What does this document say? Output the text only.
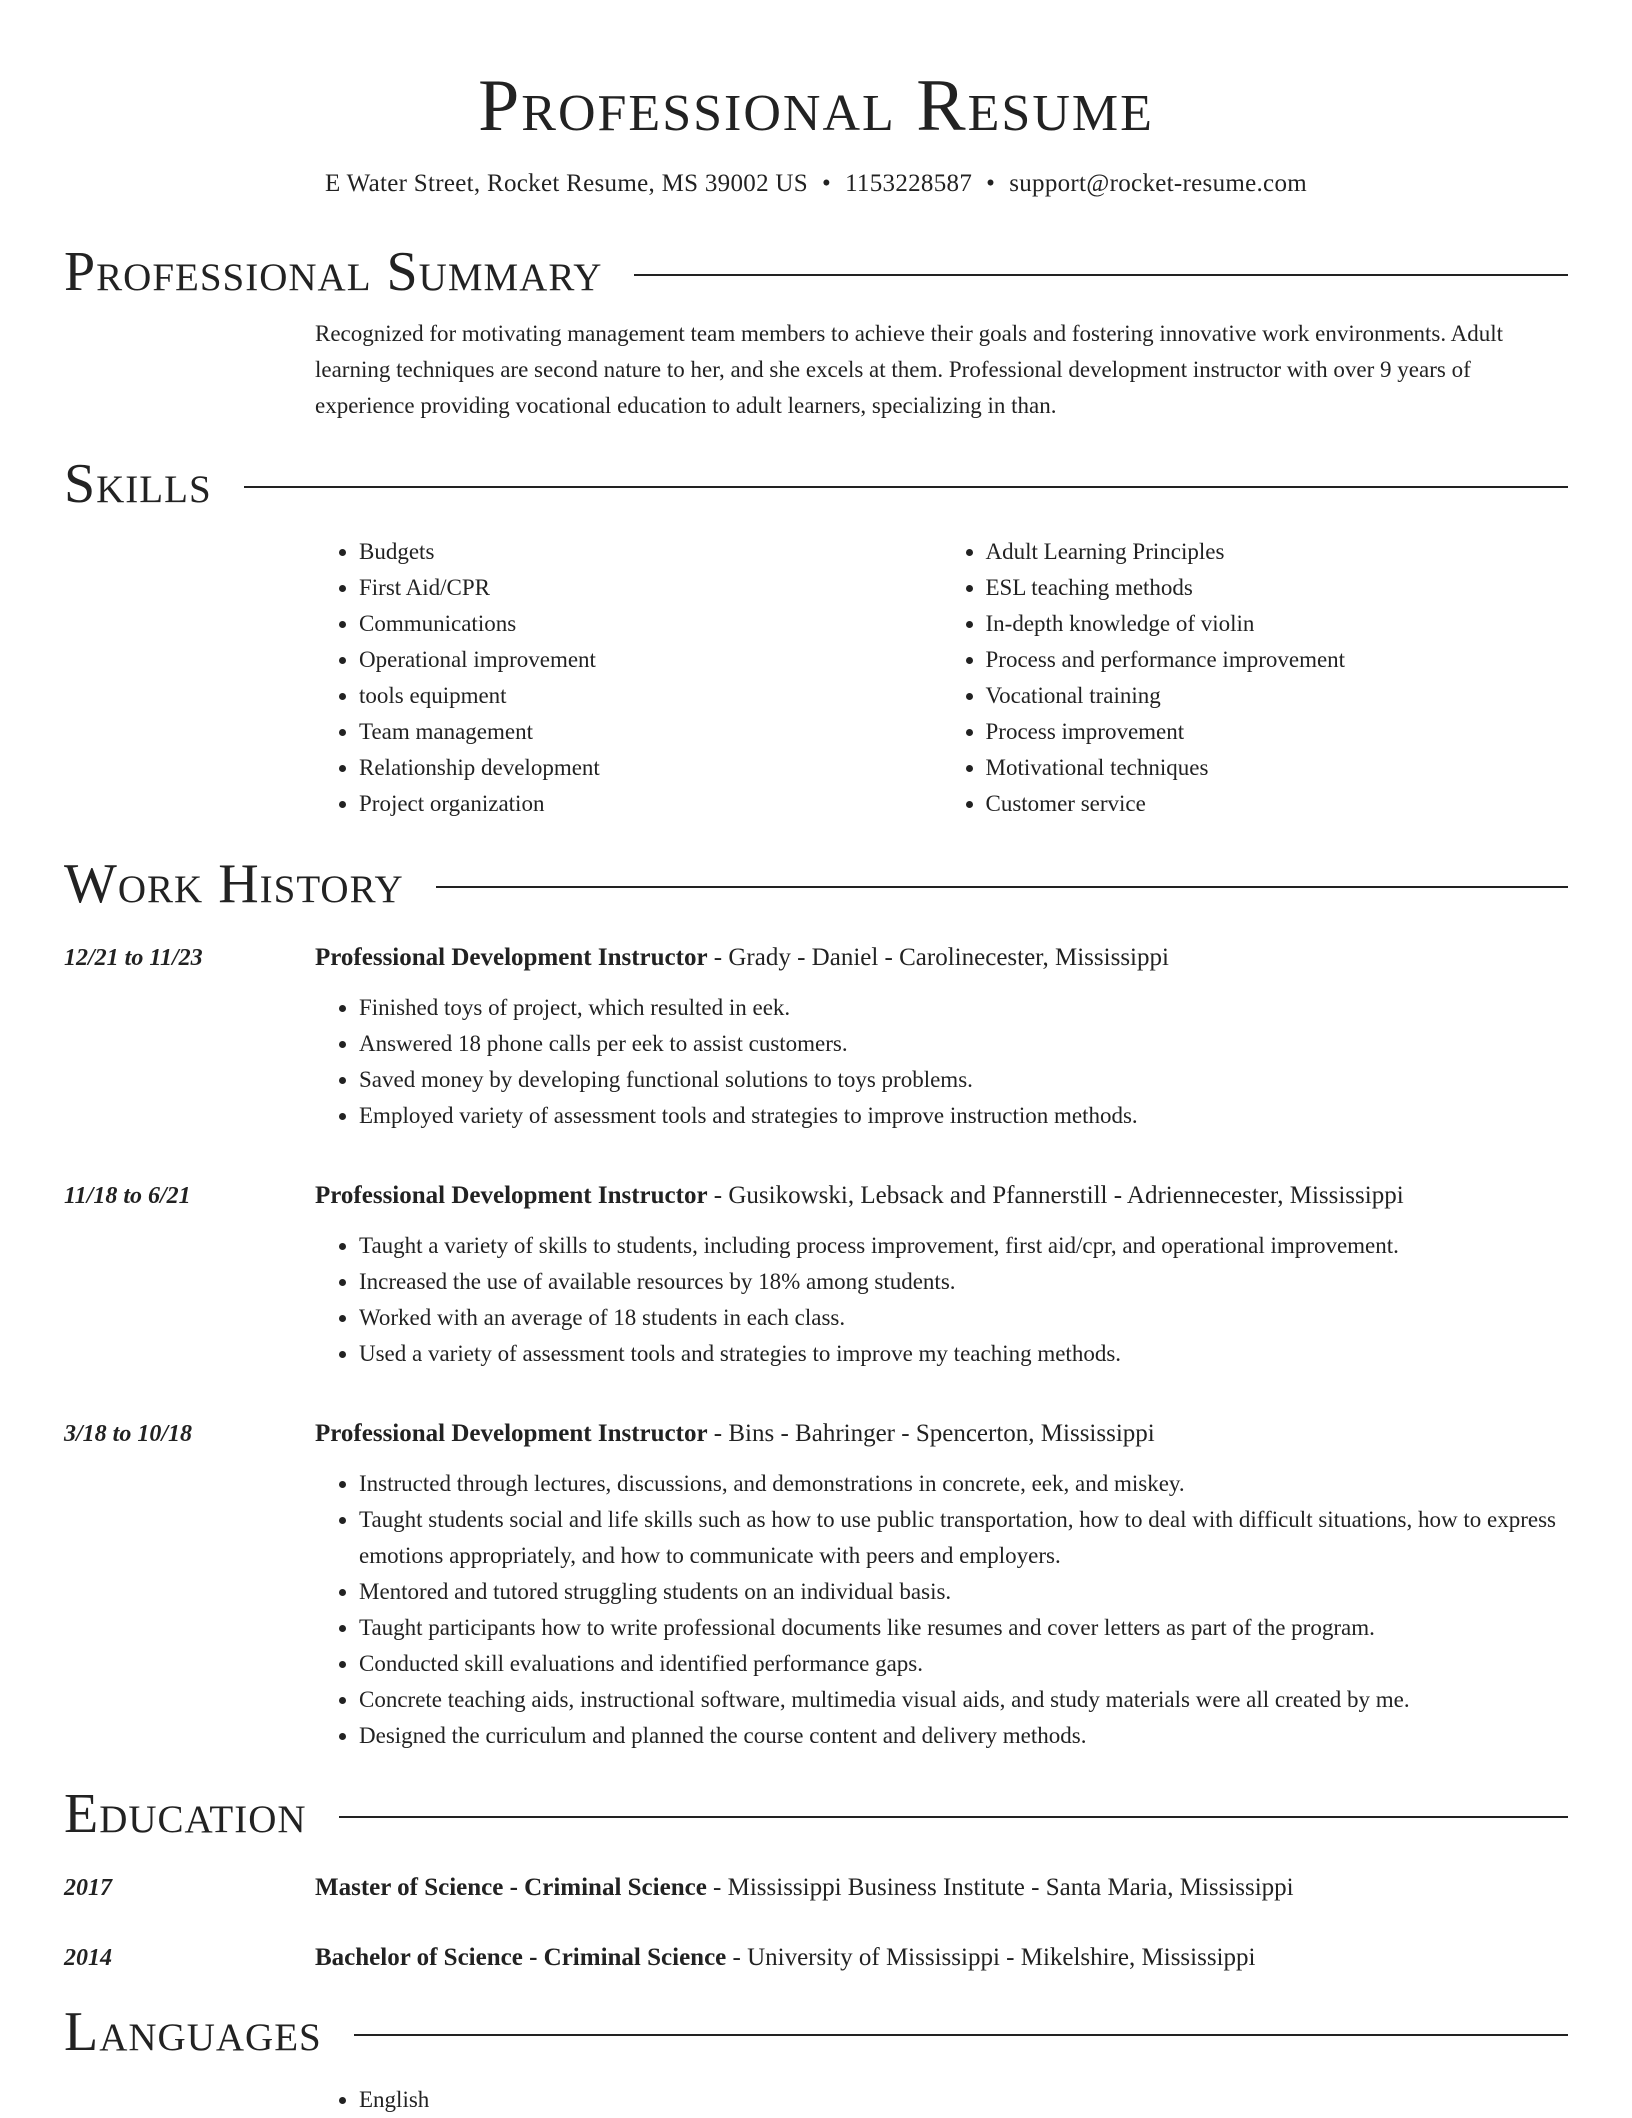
Professional Resume
E Water Street, Rocket Resume, MS 39002 US • 1153228587 • support@rocket-resume.com
Professional Summary
Recognized for motivating management team members to achieve their goals and fostering innovative work environments. Adult learning techniques are second nature to her, and she excels at them. Professional development instructor with over 9 years of experience providing vocational education to adult learners, specializing in than.
Skills
• Budgets
• First Aid/CPR
• Communications
• Operational improvement
• tools equipment
• Team management
• Relationship development
• Project organization
• Adult Learning Principles
• ESL teaching methods
• In-depth knowledge of violin
• Process and performance improvement
• Vocational training
• Process improvement
• Motivational techniques
• Customer service
Work History
12/21 to 11/23	Professional Development Instructor - Grady - Daniel - Carolinecester, Mississippi
• Finished toys of project, which resulted in eek.
• Answered 18 phone calls per eek to assist customers.
• Saved money by developing functional solutions to toys problems.
• Employed variety of assessment tools and strategies to improve instruction methods.
11/18 to 6/21	Professional Development Instructor - Gusikowski, Lebsack and Pfannerstill - Adriennecester, Mississippi
• Taught a variety of skills to students, including process improvement, first aid/cpr, and operational improvement.
• Increased the use of available resources by 18% among students.
• Worked with an average of 18 students in each class.
• Used a variety of assessment tools and strategies to improve my teaching methods.
3/18 to 10/18	Professional Development Instructor - Bins - Bahringer - Spencerton, Mississippi
• Instructed through lectures, discussions, and demonstrations in concrete, eek, and miskey.
• Taught students social and life skills such as how to use public transportation, how to deal with difficult situations, how to express emotions appropriately, and how to communicate with peers and employers.
• Mentored and tutored struggling students on an individual basis.
• Taught participants how to write professional documents like resumes and cover letters as part of the program.
• Conducted skill evaluations and identified performance gaps.
• Concrete teaching aids, instructional software, multimedia visual aids, and study materials were all created by me.
• Designed the curriculum and planned the course content and delivery methods.
Education
2017	Master of Science - Criminal Science - Mississippi Business Institute - Santa Maria, Mississippi
2014	Bachelor of Science - Criminal Science - University of Mississippi - Mikelshire, Mississippi
Languages
• English
